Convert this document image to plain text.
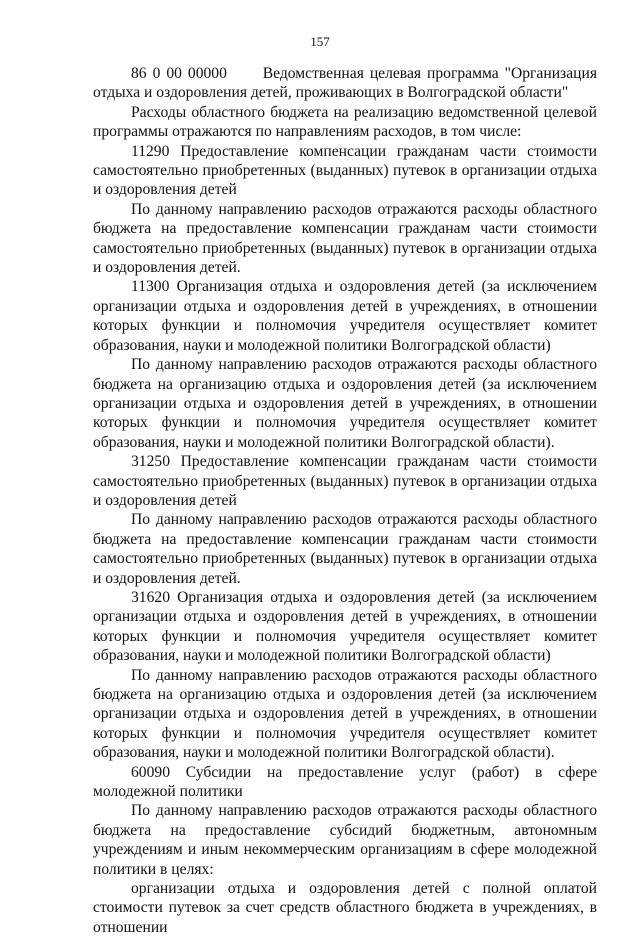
157

86 0 00 00000      Ведомственная целевая программа "Организация отдыха и оздоровления детей, проживающих в Волгоградской области"

Расходы областного бюджета на реализацию ведомственной целевой программы отражаются по направлениям расходов, в том числе:

11290 Предоставление компенсации гражданам части стоимости самостоятельно приобретенных (выданных) путевок в организации отдыха и оздоровления детей

По данному направлению расходов отражаются расходы областного бюджета на предоставление компенсации гражданам части стоимости самостоятельно приобретенных (выданных) путевок в организации отдыха и оздоровления детей.

11300 Организация отдыха и оздоровления детей (за исключением организации отдыха и оздоровления детей в учреждениях, в отношении которых функции и полномочия учредителя осуществляет комитет образования, науки и молодежной политики Волгоградской области)

По данному направлению расходов отражаются расходы областного бюджета на организацию отдыха и оздоровления детей (за исключением организации отдыха и оздоровления детей в учреждениях, в отношении которых функции и полномочия учредителя осуществляет комитет образования, науки и молодежной политики Волгоградской области).

31250 Предоставление компенсации гражданам части стоимости самостоятельно приобретенных (выданных) путевок в организации отдыха и оздоровления детей

По данному направлению расходов отражаются расходы областного бюджета на предоставление компенсации гражданам части стоимости самостоятельно приобретенных (выданных) путевок в организации отдыха и оздоровления детей.

31620 Организация отдыха и оздоровления детей (за исключением организации отдыха и оздоровления детей в учреждениях, в отношении которых функции и полномочия учредителя осуществляет комитет образования, науки и молодежной политики Волгоградской области)

По данному направлению расходов отражаются расходы областного бюджета на организацию отдыха и оздоровления детей (за исключением организации отдыха и оздоровления детей в учреждениях, в отношении которых функции и полномочия учредителя осуществляет комитет образования, науки и молодежной политики Волгоградской области).

60090 Субсидии на предоставление услуг (работ) в сфере молодежной политики

По данному направлению расходов отражаются расходы областного бюджета на предоставление субсидий бюджетным, автономным учреждениям и иным некоммерческим организациям в сфере молодежной политики в целях:

организации отдыха и оздоровления детей с полной оплатой стоимости путевок за счет средств областного бюджета в учреждениях, в отношении
